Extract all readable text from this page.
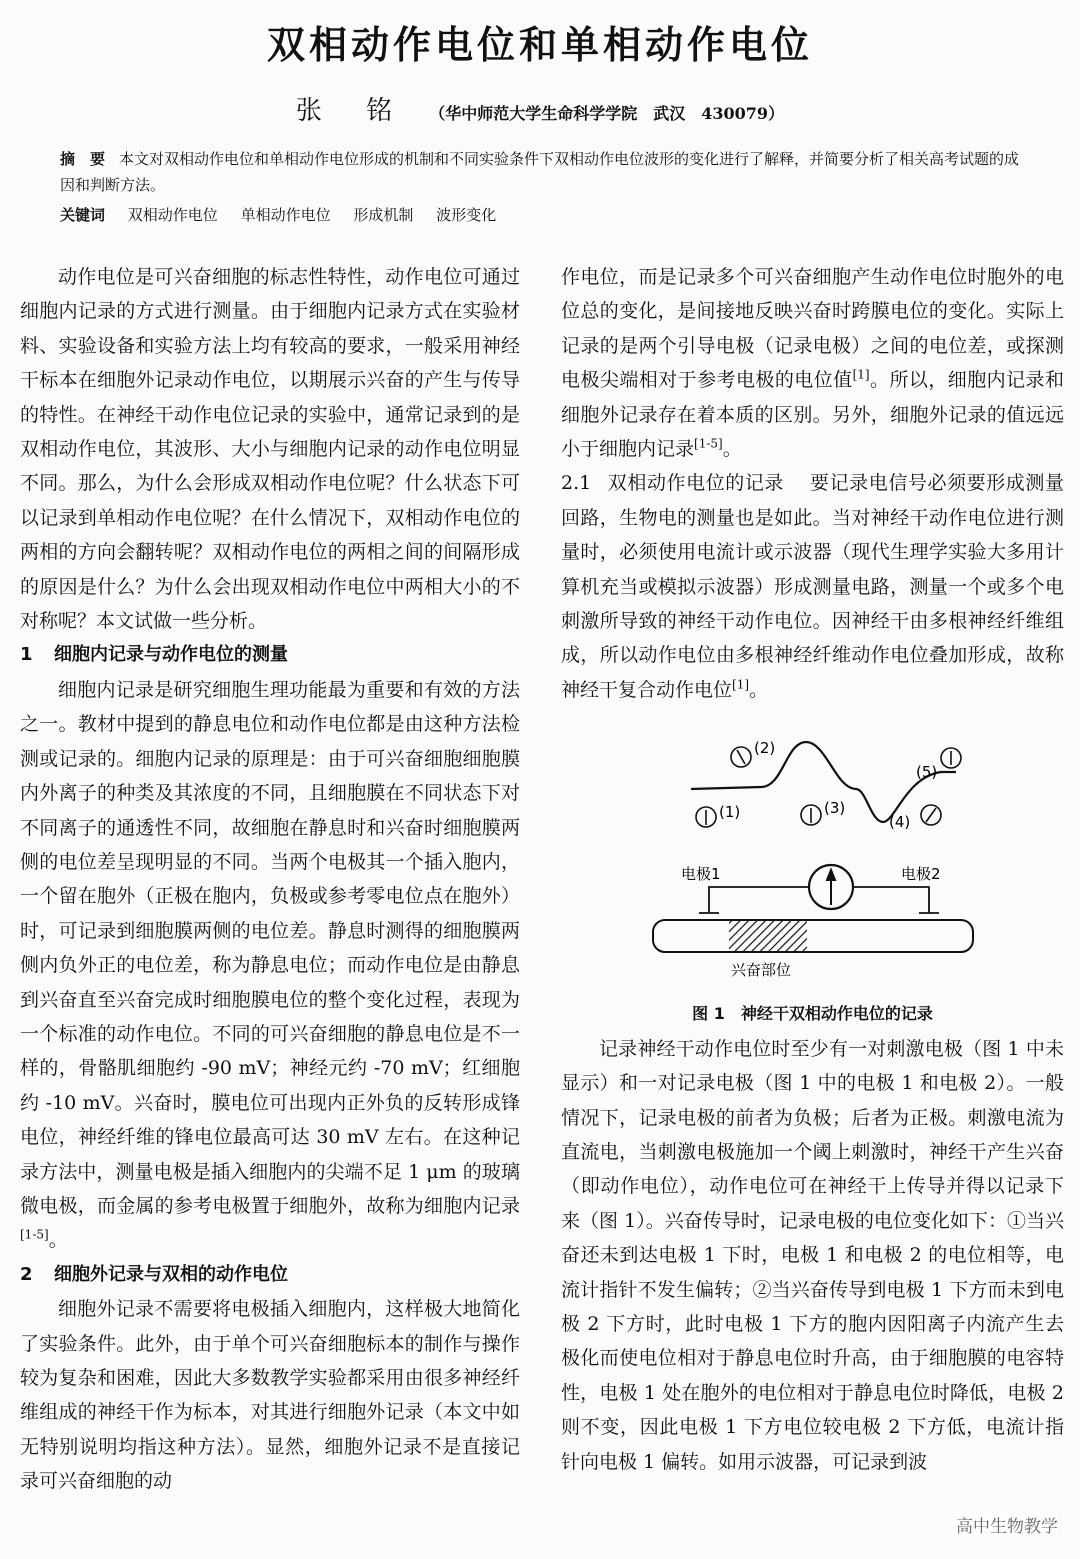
双相动作电位和单相动作电位
张 铭 （华中师范大学生命科学学院　武汉　430079）
摘　要 本文对双相动作电位和单相动作电位形成的机制和不同实验条件下双相动作电位波形的变化进行了解释，并简要分析了相关高考试题的成因和判断方法。
关键词 双相动作电位 单相动作电位 形成机制 波形变化

动作电位是可兴奋细胞的标志性特性，动作电位可通过细胞内记录的方式进行测量。由于细胞内记录方式在实验材料、实验设备和实验方法上均有较高的要求，一般采用神经干标本在细胞外记录动作电位，以期展示兴奋的产生与传导的特性。在神经干动作电位记录的实验中，通常记录到的是双相动作电位，其波形、大小与细胞内记录的动作电位明显不同。那么，为什么会形成双相动作电位呢？什么状态下可以记录到单相动作电位呢？在什么情况下，双相动作电位的两相的方向会翻转呢？双相动作电位的两相之间的间隔形成的原因是什么？为什么会出现双相动作电位中两相大小的不对称呢？本文试做一些分析。

1 细胞内记录与动作电位的测量

细胞内记录是研究细胞生理功能最为重要和有效的方法之一。教材中提到的静息电位和动作电位都是由这种方法检测或记录的。细胞内记录的原理是：由于可兴奋细胞细胞膜内外离子的种类及其浓度的不同，且细胞膜在不同状态下对不同离子的通透性不同，故细胞在静息时和兴奋时细胞膜两侧的电位差呈现明显的不同。当两个电极其一个插入胞内，一个留在胞外（正极在胞内，负极或参考零电位点在胞外）时，可记录到细胞膜两侧的电位差。静息时测得的细胞膜两侧内负外正的电位差，称为静息电位；而动作电位是由静息到兴奋直至兴奋完成时细胞膜电位的整个变化过程，表现为一个标准的动作电位。不同的可兴奋细胞的静息电位是不一样的，骨骼肌细胞约 -90 mV；神经元约 -70 mV；红细胞约 -10 mV。兴奋时，膜电位可出现内正外负的反转形成锋电位，神经纤维的锋电位最高可达 30 mV 左右。在这种记录方法中，测量电极是插入细胞内的尖端不足 1 μm 的玻璃微电极，而金属的参考电极置于细胞外，故称为细胞内记录[1-5]。

2 细胞外记录与双相的动作电位

细胞外记录不需要将电极插入细胞内，这样极大地简化了实验条件。此外，由于单个可兴奋细胞标本的制作与操作较为复杂和困难，因此大多数教学实验都采用由很多神经纤维组成的神经干作为标本，对其进行细胞外记录（本文中如无特别说明均指这种方法）。显然，细胞外记录不是直接记录可兴奋细胞的动

作电位，而是记录多个可兴奋细胞产生动作电位时胞外的电位总的变化，是间接地反映兴奋时跨膜电位的变化。实际上记录的是两个引导电极（记录电极）之间的电位差，或探测电极尖端相对于参考电极的电位值[1]。所以，细胞内记录和细胞外记录存在着本质的区别。另外，细胞外记录的值远远小于细胞内记录[1-5]。

2.1 双相动作电位的记录 要记录电信号必须要形成测量回路，生物电的测量也是如此。当对神经干动作电位进行测量时，必须使用电流计或示波器（现代生理学实验大多用计算机充当或模拟示波器）形成测量电路，测量一个或多个电刺激所导致的神经干动作电位。因神经干由多根神经纤维组成，所以动作电位由多根神经纤维动作电位叠加形成，故称神经干复合动作电位[1]。

(1)
(2)
(3)
(4)
(5)
电极1	电极2
兴奋部位

图 1 神经干双相动作电位的记录

记录神经干动作电位时至少有一对刺激电极（图 1 中未显示）和一对记录电极（图 1 中的电极 1 和电极 2）。一般情况下，记录电极的前者为负极；后者为正极。刺激电流为直流电，当刺激电极施加一个阈上刺激时，神经干产生兴奋（即动作电位），动作电位可在神经干上传导并得以记录下来（图 1）。兴奋传导时，记录电极的电位变化如下：①当兴奋还未到达电极 1 下时，电极 1 和电极 2 的电位相等，电流计指针不发生偏转；②当兴奋传导到电极 1 下方而未到电极 2 下方时，此时电极 1 下方的胞内因阳离子内流产生去极化而使电位相对于静息电位时升高，由于细胞膜的电容特性，电极 1 处在胞外的电位相对于静息电位时降低，电极 2 则不变，因此电极 1 下方电位较电极 2 下方低，电流计指针向电极 1 偏转。如用示波器，可记录到波

高中生物教学
